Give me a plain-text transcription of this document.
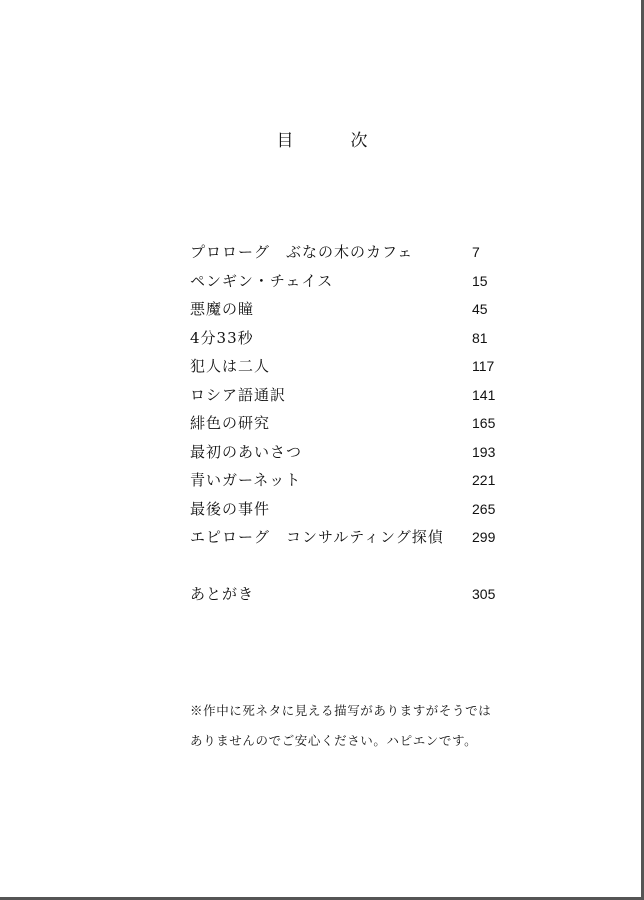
目　次
プロローグ　ぶなの木のカフェ	7
ペンギン・チェイス	15
悪魔の瞳	45
4分33秒	81
犯人は二人	117
ロシア語通訳	141
緋色の研究	165
最初のあいさつ	193
青いガーネット	221
最後の事件	265
エピローグ　コンサルティング探偵 299
あとがき	305
※作中に死ネタに見える描写がありますがそうでは
ありませんのでご安心ください。ハピエンです。
